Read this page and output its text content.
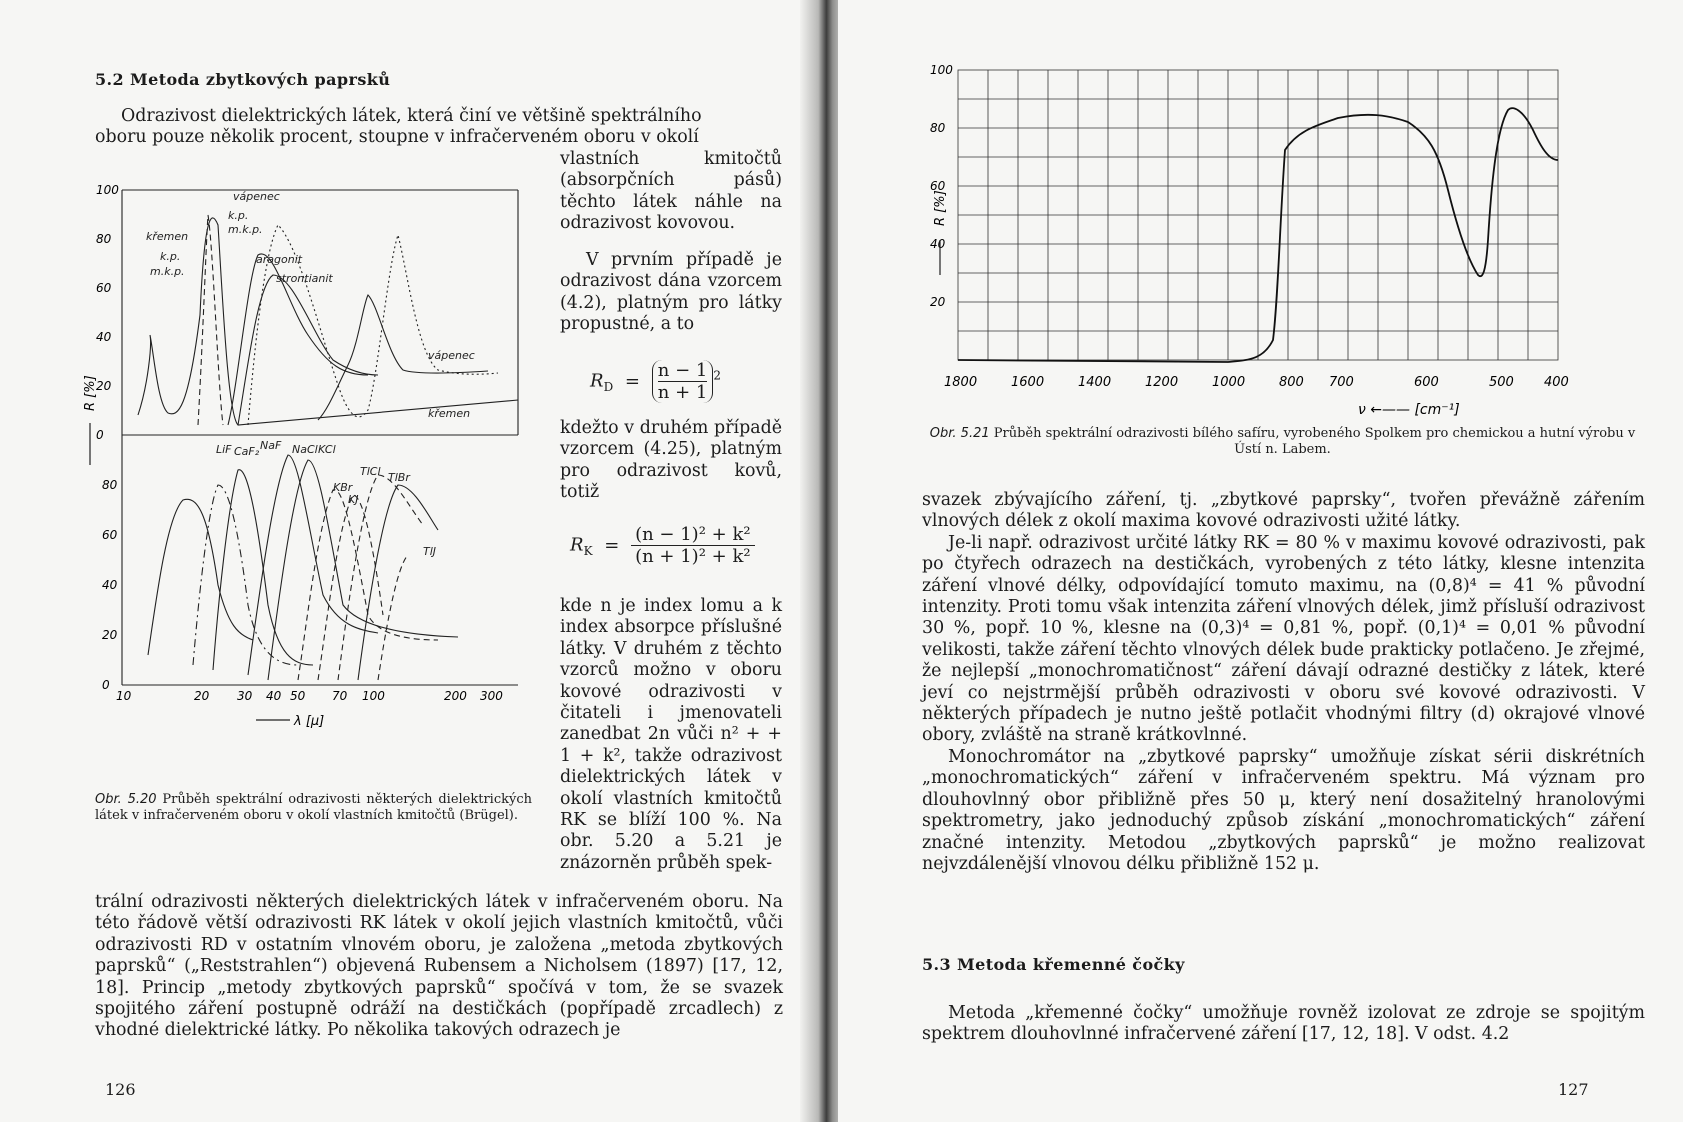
5.2 Metoda zbytkových paprsků

Odrazivost dielektrických látek, která činí ve většině spektrálního

oboru pouze několik procent, stoupne v infračerveném oboru v okolí

100
80
60
40
20
0
80
60
40
20
0
10	20 30 40 50 70 100	200 300
vápenec
k.p.
m.k.p.
křemen
k.p.
m.k.p.
aragonit
strontianit
vápenec
křemen
LiF CaF₂ NaF NaCl KCl
TlCl TlBr
KBr
KJ
TlJ
R [%]
λ [μ]
Obr. 5.20 Průběh spektrální odrazivosti některých dielektrických látek v infračerveném oboru v okolí vlastních kmitočtů (Brügel).
vlastních kmitočtů (absorpčních pásů) těchto látek náhle na odrazivost kovovou.
V prvním případě je odrazivost dána vzorcem (4.2), platným pro látky propustné, a to
$R_D = \frac{n - 1}{n + 1} ^2$
kdežto v druhém případě vzorcem (4.25), platným pro odrazivost kovů, totiž
$R_K = \frac{\text{(n − 1)² + k²}}{\text{(n + 1)² + k²}}$
kde n je index lomu a k index absorpce příslušné látky. V druhém z těchto vzorců možno v oboru kovové odrazivosti v čitateli i jmenovateli zanedbat 2n vůči n² + + 1 + k², takže odrazivost dielektrických látek v okolí vlastních kmitočtů RK se blíží 100 %. Na obr. 5.20 a 5.21 je znázorněn průběh spek-
trální odrazivosti některých dielektrických látek v infračerveném oboru. Na této řádově větší odrazivosti RK látek v okolí jejich vlastních kmitočtů, vůči odrazivosti RD v ostatním vlnovém oboru, je založena „metoda zbytkových paprsků“ („Reststrahlen“) objevená Rubensem a Nicholsem (1897) [17, 12, 18]. Princip „metody zbytkových paprsků“ spočívá v tom, že se svazek spojitého záření postupně odráží na destičkách (popřípadě zrcadlech) z vhodné dielektrické látky. Po několika takových odrazech je
126
100
80
60
40
20
1800	1600	1400	1200	1000	800 700	600	500 400
R [%]
ν ←—— [cm⁻¹]
Obr. 5.21 Průběh spektrální odrazivosti bílého safíru, vyrobeného Spolkem pro chemickou a hutní výrobu v Ústí n. Labem.

svazek zbývajícího záření, tj. „zbytkové paprsky“, tvořen převážně zářením vlnových délek z okolí maxima kovové odrazivosti užité látky.

Je-li např. odrazivost určité látky RK = 80 % v maximu kovové odrazivosti, pak po čtyřech odrazech na destičkách, vyrobených z této látky, klesne intenzita záření vlnové délky, odpovídající tomuto maximu, na (0,8)⁴ = 41 % původní intenzity. Proti tomu však intenzita záření vlnových délek, jimž přísluší odrazivost 30 %, popř. 10 %, klesne na (0,3)⁴ = 0,81 %, popř. (0,1)⁴ = 0,01 % původní velikosti, takže záření těchto vlnových délek bude prakticky potlačeno. Je zřejmé, že nejlepší „monochromatičnost“ záření dávají odrazné destičky z látek, které jeví co nejstrmější průběh odrazivosti v oboru své kovové odrazivosti. V některých případech je nutno ještě potlačit vhodnými filtry (d) okrajové vlnové obory, zvláště na straně krátkovlnné.

Monochromátor na „zbytkové paprsky“ umožňuje získat sérii diskrétních „monochromatických“ záření v infračerveném spektru. Má význam pro dlouhovlnný obor přibližně přes 50 μ, který není dosažitelný hranolovými spektrometry, jako jednoduchý způsob získání „monochromatických“ záření značné intenzity. Metodou „zbytkových paprsků“ je možno realizovat nejvzdálenější vlnovou délku přibližně 152 μ.

5.3 Metoda křemenné čočky
Metoda „křemenné čočky“ umožňuje rovněž izolovat ze zdroje se spojitým spektrem dlouhovlnné infračervené záření [17, 12, 18]. V odst. 4.2
127
